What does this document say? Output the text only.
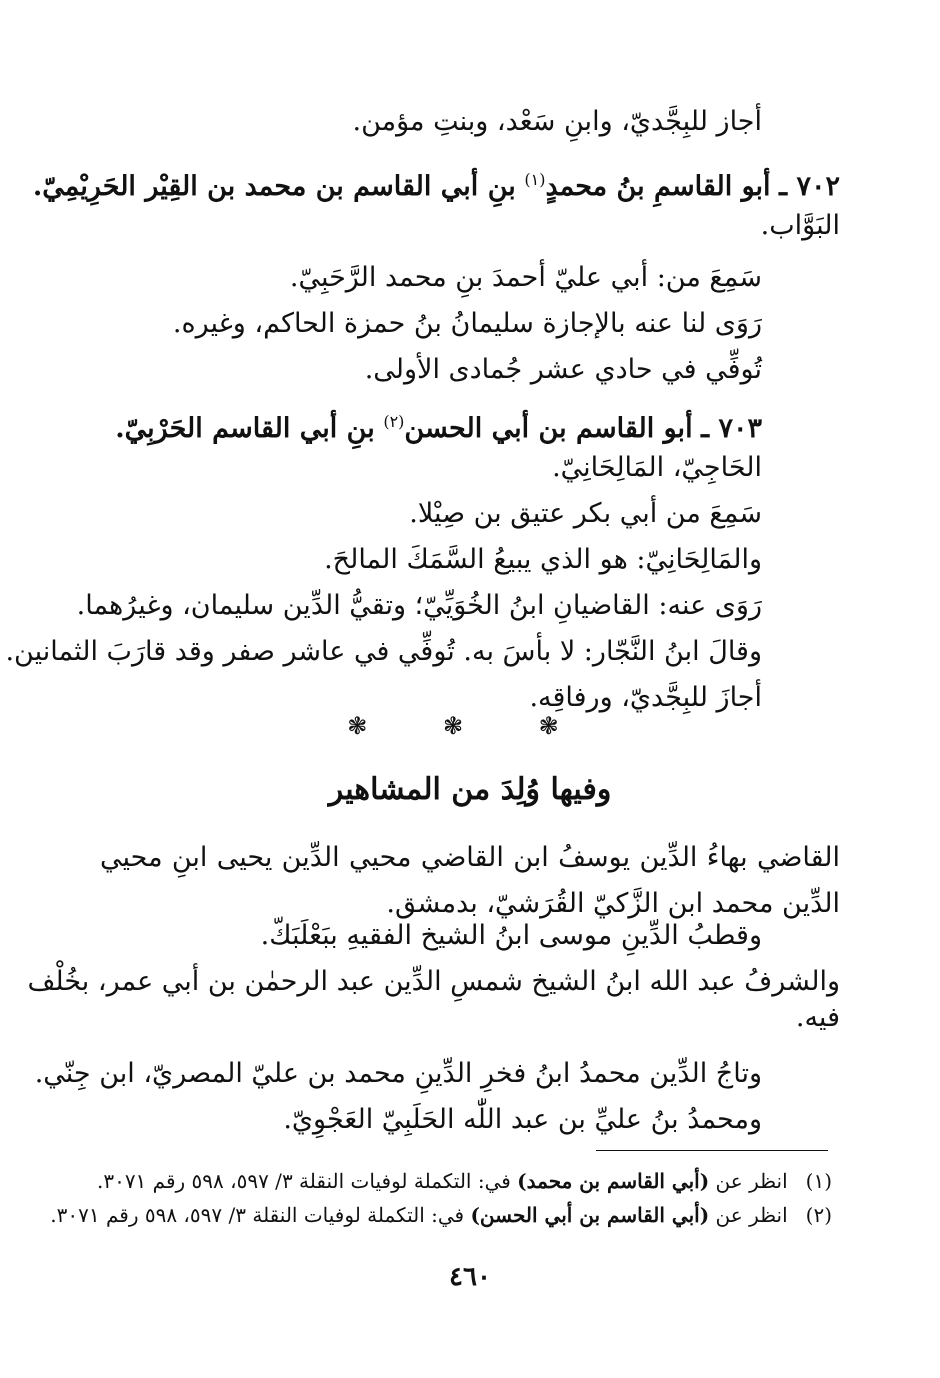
أجاز للبِجَّديّ، وابنِ سَعْد، وبنتِ مؤمن.
٧٠٢ ـ أبو القاسمِ بنُ محمدٍ$^{(١)}$ بنِ أبي القاسم بن محمد بن القِيْر الحَرِيْمِيّ.
البَوَّاب.
سَمِعَ من: أبي عليّ أحمدَ بنِ محمد الرَّحَبِيّ.
رَوَى لنا عنه بالإجازة سليمانُ بنُ حمزة الحاكم، وغيره.
تُوفِّي في حادي عشر جُمادى الأولى.
٧٠٣ ـ أبو القاسم بن أبي الحسن$^{(٢)}$ بنِ أبي القاسم الحَرْبِيّ.
الحَاجِيّ، المَالِحَانِيّ.
سَمِعَ من أبي بكر عتيق بن صِيْلا.
والمَالِحَانِيّ: هو الذي يبيعُ السَّمَكَ المالحَ.
رَوَى عنه: القاضيانِ ابنُ الخُوَيِّيّ؛ وتقيُّ الدِّين سليمان، وغيرُهما.
وقالَ ابنُ النَّجّار: لا بأسَ به. تُوفِّي في عاشر صفر وقد قارَبَ الثمانين.
أجازَ للبِجَّديّ، ورفاقِه.
❃ ❃ ❃
وفيها وُلِدَ من المشاهير
القاضي بهاءُ الدِّين يوسفُ ابن القاضي محيي الدِّين يحيى ابنِ محيي
الدِّين محمد ابن الزَّكيّ القُرَشيّ، بدمشق.
وقطبُ الدِّينِ موسى ابنُ الشيخ الفقيهِ ببَعْلَبَكّ.
والشرفُ عبد الله ابنُ الشيخ شمسِ الدِّين عبد الرحمٰن بن أبي عمر، بخُلْف
فيه.
وتاجُ الدِّين محمدُ ابنُ فخرِ الدِّينِ محمد بن عليّ المصريّ، ابن جِنّي.
ومحمدُ بنُ عليِّ بن عبد اللّٰه الحَلَبِيّ العَجْوِيّ.
(١) انظر عن (أبي القاسم بن محمد) في: التكملة لوفيات النقلة ٣/ ٥٩٧، ٥٩٨ رقم ٣٠٧١.
(٢) انظر عن (أبي القاسم بن أبي الحسن) في: التكملة لوفيات النقلة ٣/ ٥٩٧، ٥٩٨ رقم ٣٠٧١.
٤٦٠
